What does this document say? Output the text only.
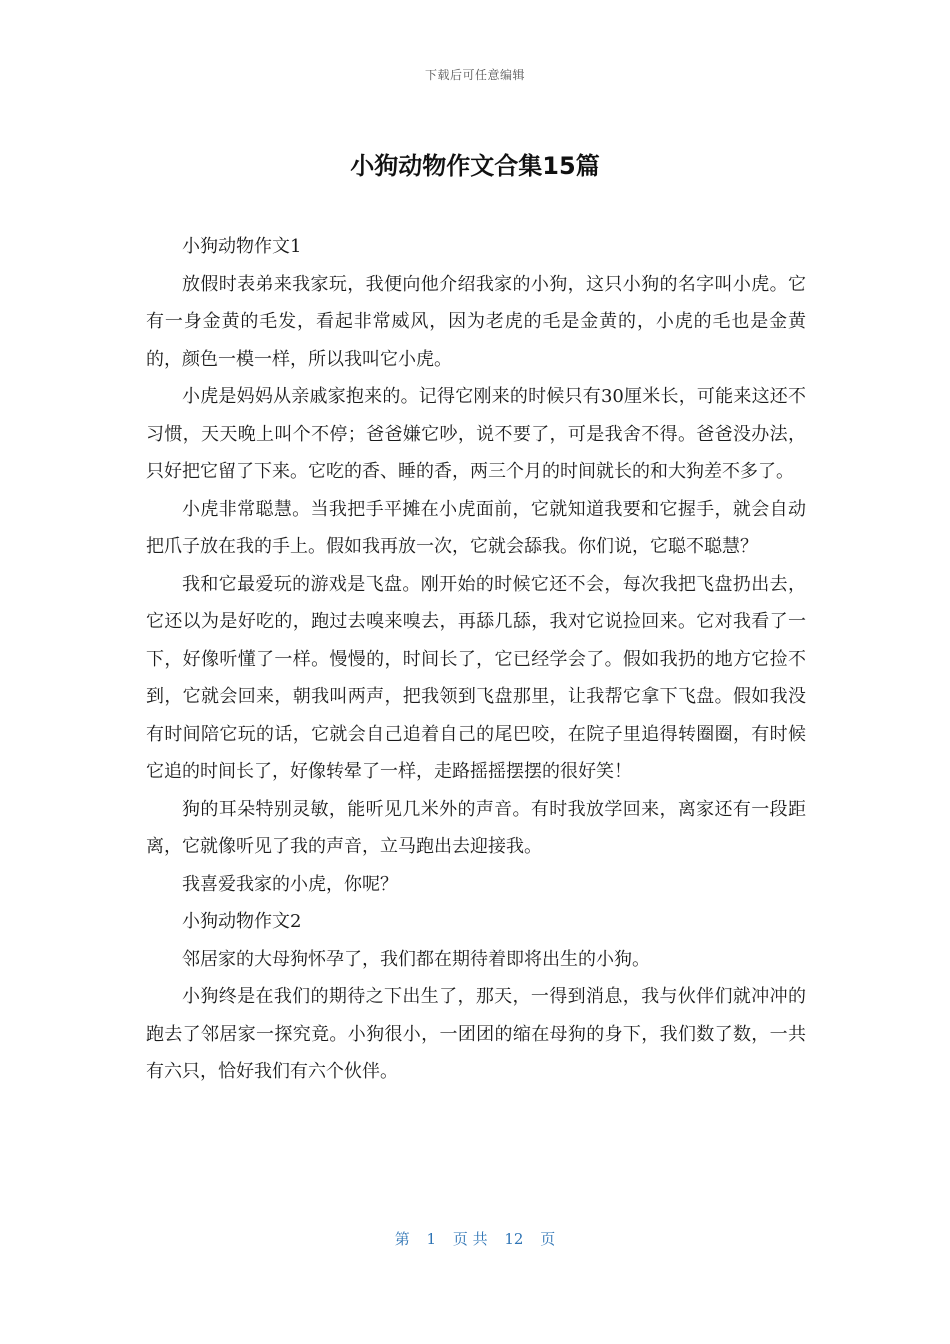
下载后可任意编辑
小狗动物作文合集15篇

小狗动物作文1

放假时表弟来我家玩，我便向他介绍我家的小狗，这只小狗的名字叫小虎。它有一身金黄的毛发，看起非常威风，因为老虎的毛是金黄的，小虎的毛也是金黄的，颜色一模一样，所以我叫它小虎。

小虎是妈妈从亲戚家抱来的。记得它刚来的时候只有30厘米长，可能来这还不习惯，天天晚上叫个不停；爸爸嫌它吵，说不要了，可是我舍不得。爸爸没办法，只好把它留了下来。它吃的香、睡的香，两三个月的时间就长的和大狗差不多了。

小虎非常聪慧。当我把手平摊在小虎面前，它就知道我要和它握手，就会自动把爪子放在我的手上。假如我再放一次，它就会舔我。你们说，它聪不聪慧？

我和它最爱玩的游戏是飞盘。刚开始的时候它还不会，每次我把飞盘扔出去，它还以为是好吃的，跑过去嗅来嗅去，再舔几舔，我对它说捡回来。它对我看了一下，好像听懂了一样。慢慢的，时间长了，它已经学会了。假如我扔的地方它捡不到，它就会回来，朝我叫两声，把我领到飞盘那里，让我帮它拿下飞盘。假如我没有时间陪它玩的话，它就会自己追着自己的尾巴咬，在院子里追得转圈圈，有时候它追的时间长了，好像转晕了一样，走路摇摇摆摆的很好笑！

狗的耳朵特别灵敏，能听见几米外的声音。有时我放学回来，离家还有一段距离，它就像听见了我的声音，立马跑出去迎接我。

我喜爱我家的小虎，你呢？

小狗动物作文2

邻居家的大母狗怀孕了，我们都在期待着即将出生的小狗。

小狗终是在我们的期待之下出生了，那天，一得到消息，我与伙伴们就冲冲的跑去了邻居家一探究竟。小狗很小，一团团的缩在母狗的身下，我们数了数，一共有六只，恰好我们有六个伙伴。

第 1 页 共 12 页
